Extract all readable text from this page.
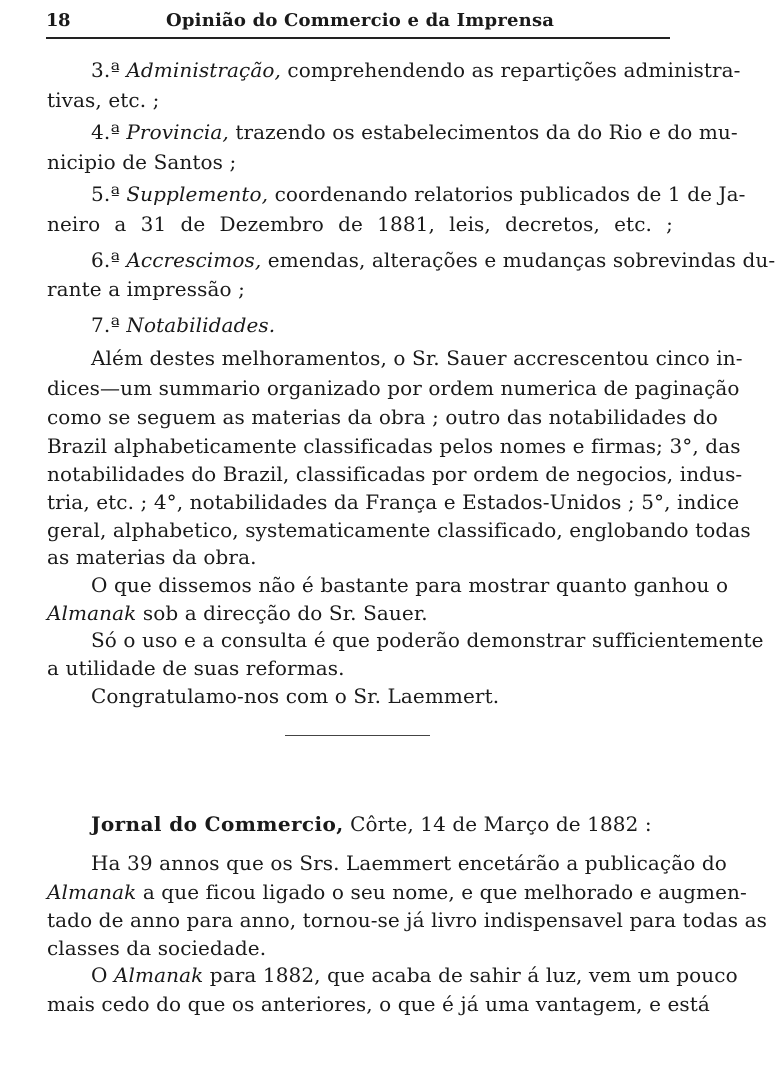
18	Opinião do Commercio e da Imprensa
3.ª Administração, comprehendendo as repartições administra-
tivas, etc. ;
4.ª Provincia, trazendo os estabelecimentos da do Rio e do mu-
nicipio de Santos ;
5.ª Supplemento, coordenando relatorios publicados de 1 de Ja-
neiro a 31 de Dezembro de 1881, leis, decretos, etc. ;
6.ª Accrescimos, emendas, alterações e mudanças sobrevindas du-
rante a impressão ;
7.ª Notabilidades.
Além destes melhoramentos, o Sr. Sauer accrescentou cinco in-
dices—um summario organizado por ordem numerica de paginação
como se seguem as materias da obra ; outro das notabilidades do
Brazil alphabeticamente classificadas pelos nomes e firmas; 3°, das
notabilidades do Brazil, classificadas por ordem de negocios, indus-
tria, etc. ; 4°, notabilidades da França e Estados-Unidos ; 5°, indice
geral, alphabetico, systematicamente classificado, englobando todas
as materias da obra.
O que dissemos não é bastante para mostrar quanto ganhou o
Almanak sob a direcção do Sr. Sauer.
Só o uso e a consulta é que poderão demonstrar sufficientemente
a utilidade de suas reformas.
Congratulamo-nos com o Sr. Laemmert.
Jornal do Commercio, Côrte, 14 de Março de 1882 :
Ha 39 annos que os Srs. Laemmert encetárão a publicação do
Almanak a que ficou ligado o seu nome, e que melhorado e augmen-
tado de anno para anno, tornou-se já livro indispensavel para todas as
classes da sociedade.
O Almanak para 1882, que acaba de sahir á luz, vem um pouco
mais cedo do que os anteriores, o que é já uma vantagem, e está
